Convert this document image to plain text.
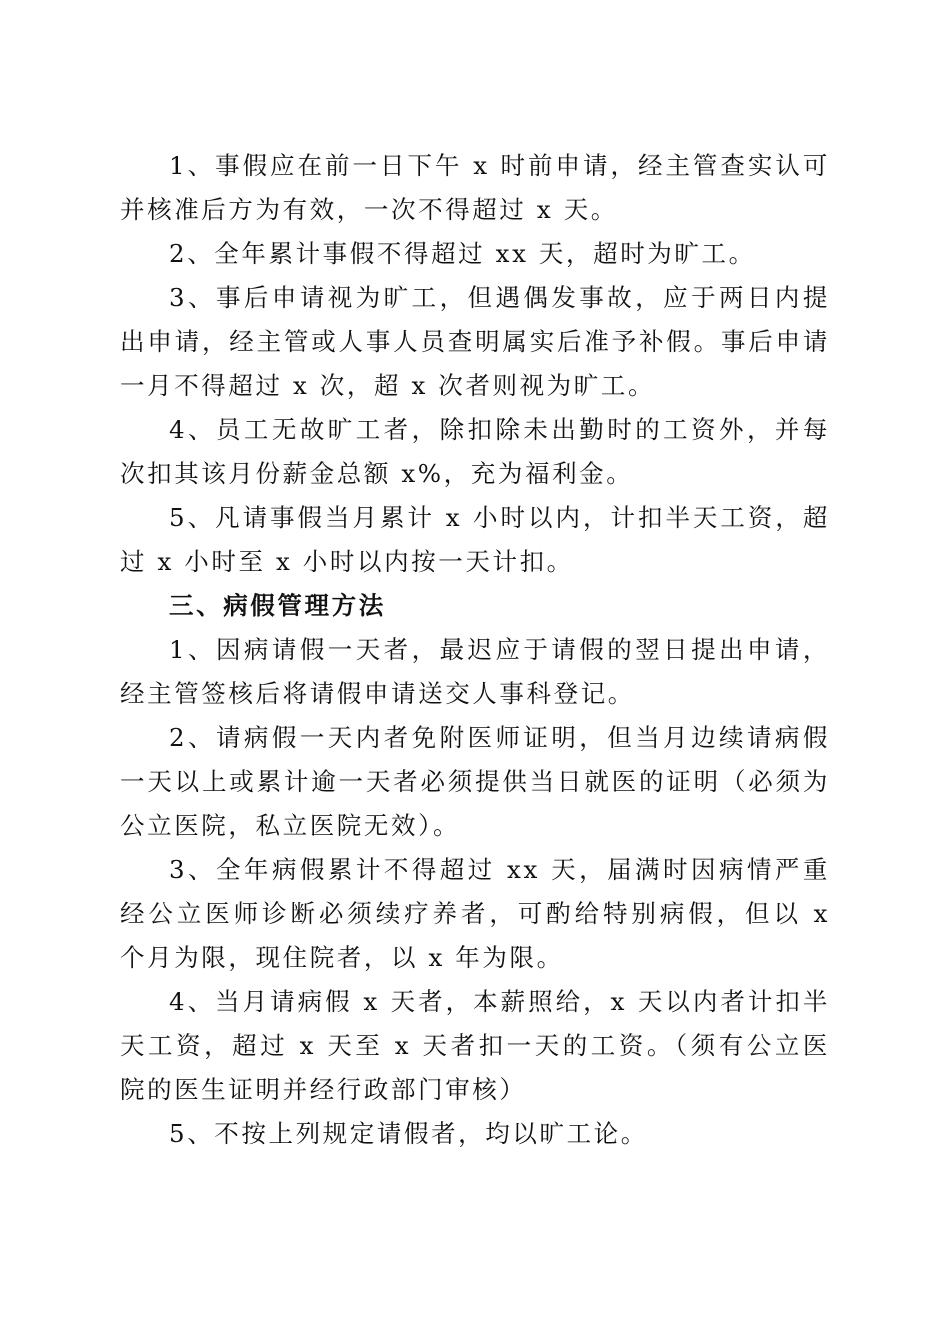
1、事假应在前一日下午 x 时前申请，经主管查实认可并核准后方为有效，一次不得超过 x 天。

2、全年累计事假不得超过 xx 天，超时为旷工。

3、事后申请视为旷工，但遇偶发事故，应于两日内提出申请，经主管或人事人员查明属实后准予补假。事后申请一月不得超过 x 次，超 x 次者则视为旷工。

4、员工无故旷工者，除扣除未出勤时的工资外，并每次扣其该月份薪金总额 x%，充为福利金。

5、凡请事假当月累计 x 小时以内，计扣半天工资，超过 x 小时至 x 小时以内按一天计扣。

三、病假管理方法

1、因病请假一天者，最迟应于请假的翌日提出申请，经主管签核后将请假申请送交人事科登记。

2、请病假一天内者免附医师证明，但当月边续请病假一天以上或累计逾一天者必须提供当日就医的证明（必须为公立医院，私立医院无效）。

3、全年病假累计不得超过 xx 天，届满时因病情严重经公立医师诊断必须续疗养者，可酌给特别病假，但以 x 个月为限，现住院者，以 x 年为限。

4、当月请病假 x 天者，本薪照给，x 天以内者计扣半天工资，超过 x 天至 x 天者扣一天的工资。（须有公立医院的医生证明并经行政部门审核）

5、不按上列规定请假者，均以旷工论。
